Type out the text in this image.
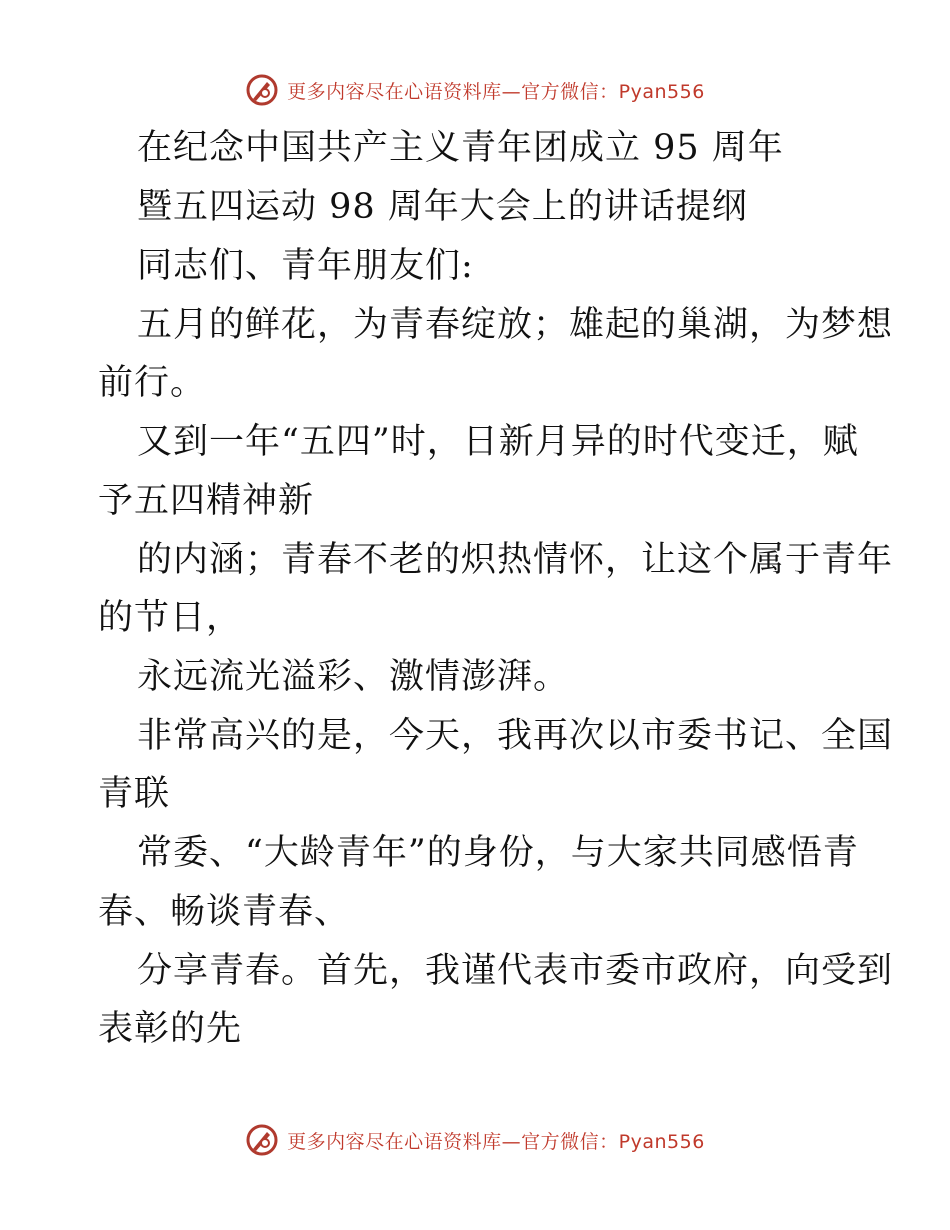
更多内容尽在心语资料库—官方微信：Pyan556
在纪念中国共产主义青年团成立 95 周年
暨五四运动 98 周年大会上的讲话提纲
同志们、青年朋友们:
五月的鲜花，为青春绽放；雄起的巢湖，为梦想
前行。
又到一年“五四”时，日新月异的时代变迁，赋
予五四精神新
的内涵；青春不老的炽热情怀，让这个属于青年
的节日，
永远流光溢彩、激情澎湃。
非常高兴的是，今天，我再次以市委书记、全国
青联
常委、“大龄青年”的身份，与大家共同感悟青
春、畅谈青春、
分享青春。首先，我谨代表市委市政府，向受到
表彰的先
更多内容尽在心语资料库—官方微信：Pyan556
